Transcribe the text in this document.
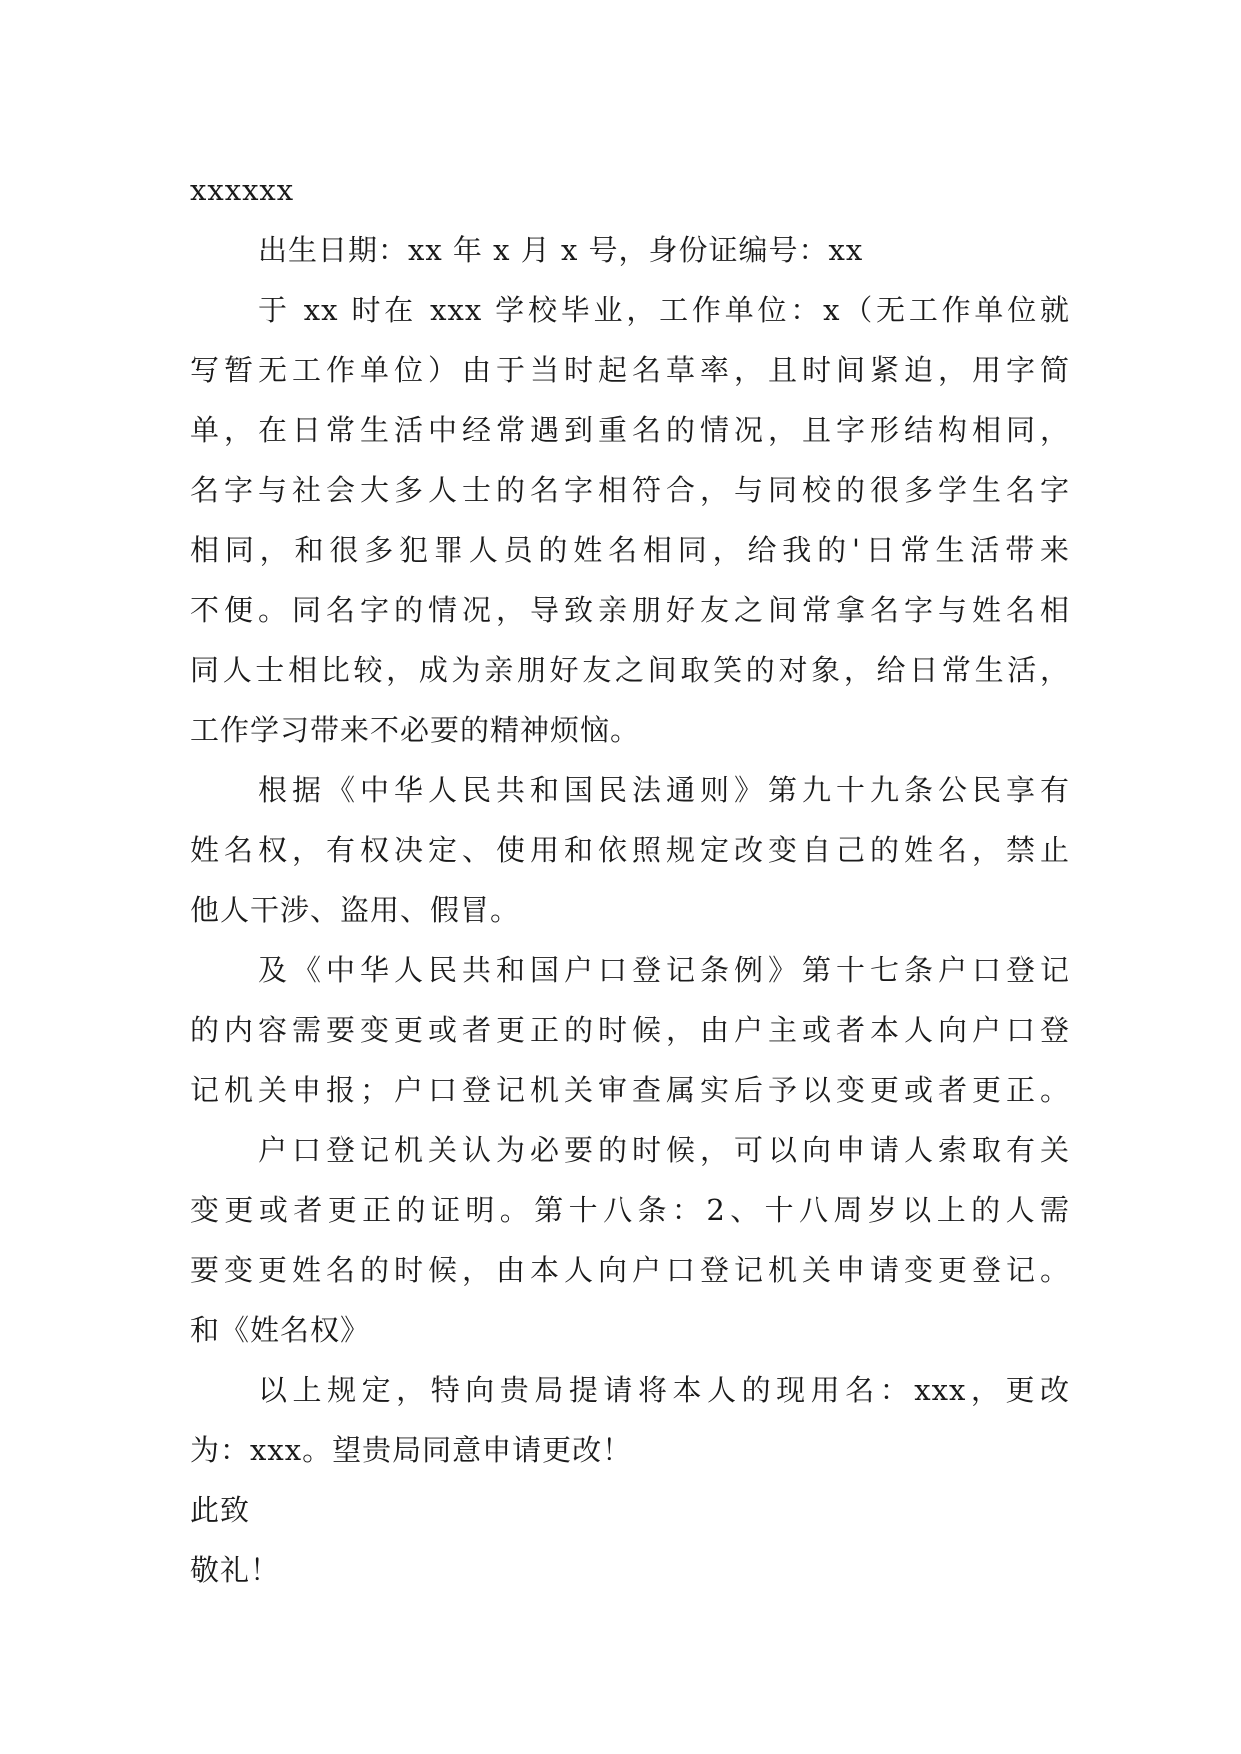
xxxxxx
出生日期：xx 年 x 月 x 号，身份证编号：xx
于 xx 时在 xxx 学校毕业，工作单位：x（无工作单位就
写暂无工作单位）由于当时起名草率，且时间紧迫，用字简
单，在日常生活中经常遇到重名的情况，且字形结构相同，
名字与社会大多人士的名字相符合，与同校的很多学生名字
相同，和很多犯罪人员的姓名相同，给我的'日常生活带来
不便。同名字的情况，导致亲朋好友之间常拿名字与姓名相
同人士相比较，成为亲朋好友之间取笑的对象，给日常生活，
工作学习带来不必要的精神烦恼。
根据《中华人民共和国民法通则》第九十九条公民享有
姓名权，有权决定、使用和依照规定改变自己的姓名，禁止
他人干涉、盗用、假冒。
及《中华人民共和国户口登记条例》第十七条户口登记
的内容需要变更或者更正的时候，由户主或者本人向户口登
记机关申报；户口登记机关审查属实后予以变更或者更正。
户口登记机关认为必要的时候，可以向申请人索取有关
变更或者更正的证明。第十八条：2、十八周岁以上的人需
要变更姓名的时候，由本人向户口登记机关申请变更登记。
和《姓名权》
以上规定，特向贵局提请将本人的现用名：xxx，更改
为：xxx。望贵局同意申请更改！
此致
敬礼！
